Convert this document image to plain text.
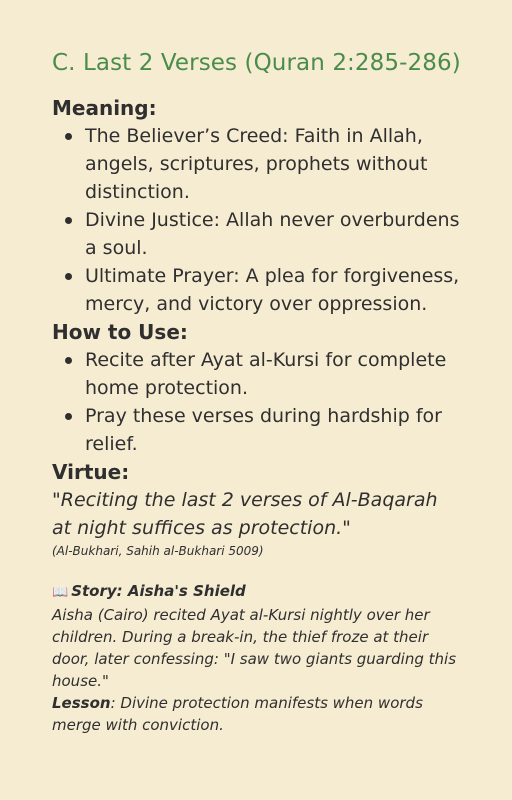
C. Last 2 Verses (Quran 2:285-286)

Meaning:

The Believer’s Creed: Faith in Allah, angels, scriptures, prophets without distinction.
Divine Justice: Allah never overburdens a soul.
Ultimate Prayer: A plea for forgiveness, mercy, and victory over oppression.

How to Use:

Recite after Ayat al-Kursi for complete home protection.
Pray these verses during hardship for relief.

Virtue:

"Reciting the last 2 verses of Al-Baqarah at night suffices as protection."

(Al-Bukhari, Sahih al-Bukhari 5009)

📖 Story: Aisha's Shield
Aisha (Cairo) recited Ayat al-Kursi nightly over her children. During a break-in, the thief froze at their door, later confessing: "I saw two giants guarding this house."
Lesson: Divine protection manifests when words merge with conviction.
